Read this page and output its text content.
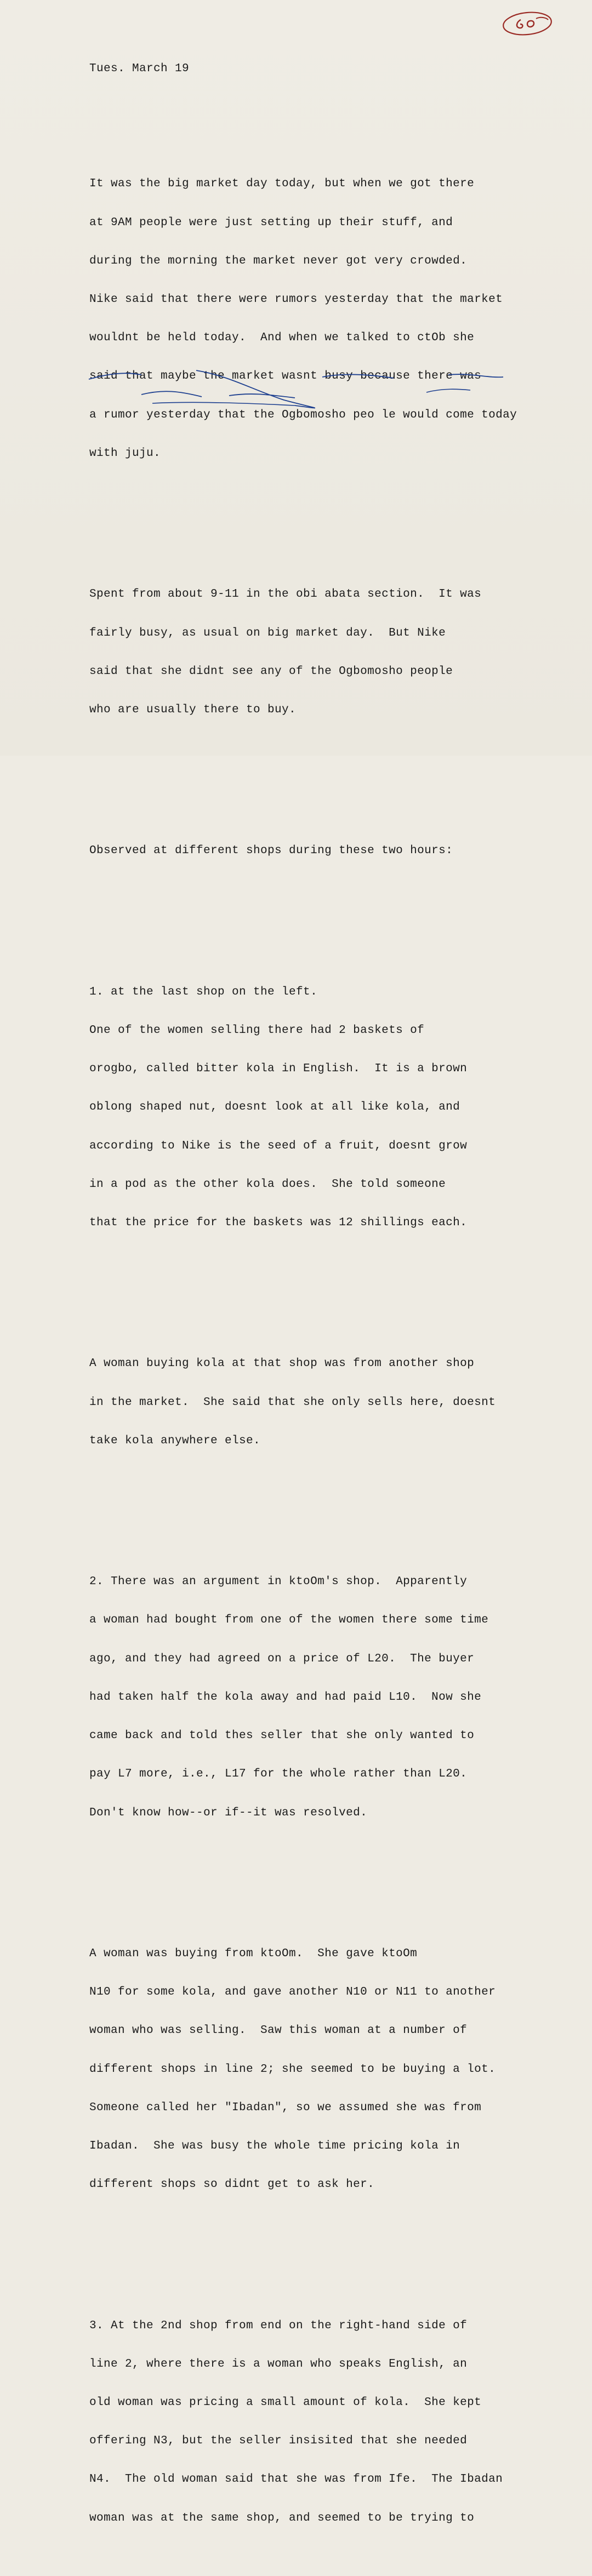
Tues. March 19

It was the big market day today, but when we got there

at 9AM people were just setting up their stuff, and

during the morning the market never got very crowded.

Nike said that there were rumors yesterday that the market

wouldnt be held today.  And when we talked to ctOb she

said that maybe the market wasnt busy because there was

a rumor yesterday that the Ogbomosho peo le would come today

with juju.

Spent from about 9-11 in the obi abata section.  It was

fairly busy, as usual on big market day.  But Nike

said that she didnt see any of the Ogbomosho people

who are usually there to buy.

Observed at different shops during these two hours:

1. at the last shop on the left.

One of the women selling there had 2 baskets of

orogbo, called bitter kola in English.  It is a brown

oblong shaped nut, doesnt look at all like kola, and

according to Nike is the seed of a fruit, doesnt grow

in a pod as the other kola does.  She told someone

that the price for the baskets was 12 shillings each.

A woman buying kola at that shop was from another shop

in the market.  She said that she only sells here, doesnt

take kola anywhere else.

2. There was an argument in ktoOm's shop.  Apparently

a woman had bought from one of the women there some time

ago, and they had agreed on a price of L20.  The buyer

had taken half the kola away and had paid L10.  Now she

came back and told thes seller that she only wanted to

pay L7 more, i.e., L17 for the whole rather than L20.

Don't know how--or if--it was resolved.

A woman was buying from ktoOm.  She gave ktoOm

N10 for some kola, and gave another N10 or N11 to another

woman who was selling.  Saw this woman at a number of

different shops in line 2; she seemed to be buying a lot.

Someone called her "Ibadan", so we assumed she was from

Ibadan.  She was busy the whole time pricing kola in

different shops so didnt get to ask her.

3. At the 2nd shop from end on the right-hand side of

line 2, where there is a woman who speaks English, an

old woman was pricing a small amount of kola.  She kept

offering N3, but the seller insisited that she needed

N4.  The old woman said that she was from Ife.  The Ibadan

woman was at the same shop, and seemed to be trying to
